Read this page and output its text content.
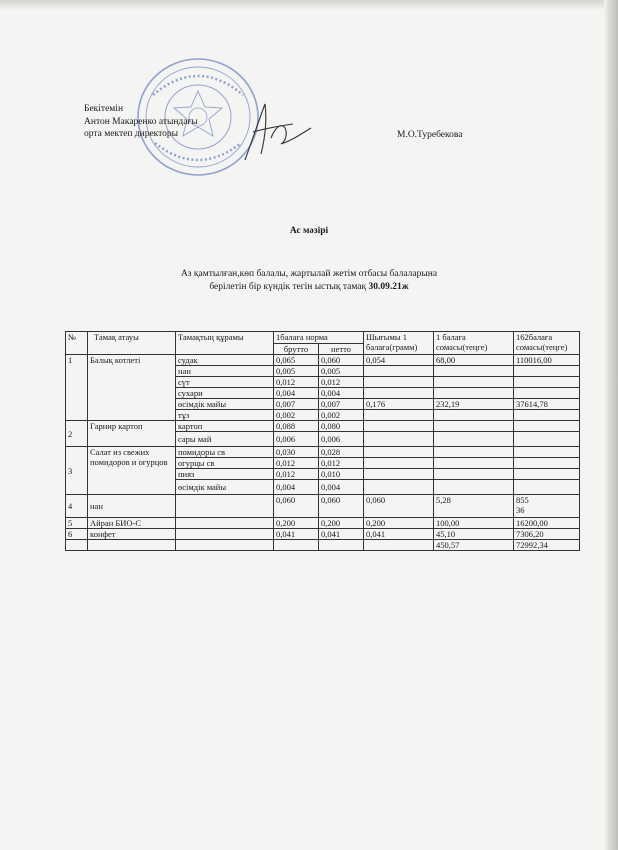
Бекітемін
Антон Макаренко атындағы
орта мектеп директоры	М.О.Туребекова
Ас мәзірі
Аз қамтылған,көп балалы, жартылай жетім отбасы балаларына
берілетін бір күндік тегін ыстық тамақ 30.09.21ж
№	Тамақ атауы	Тамақтың құрамы	1балаға норма		Шығымы 1 балаға(грамм)	1 балаға сомасы(теңге)	162балаға сомасы(теңге)
			брутто	нетто			
1	Балық котлеті	судак	0,065	0,060	0,054	68,00	110016,00
		нан	0,005	0,005			
		сүт	0,012	0,012			
		сухари	0,004	0,004			
		өсімдік майы	0,007	0,007	0,176	232,19	37614,78
		тұз	0,002	0,002			
2	Гарнир картоп	картоп	0,088	0,080			
		сары май	0,006	0,006			
3	Салат из свежих помидоров и огурцов	помидоры св	0,030	0,028			
		огурцы св	0,012	0,012			
		пияз	0,012	0,010			
		өсімдік майы	0,004	0,004			
4	нан		0,060	0,060	0,060	5,28	855
36

5	Айран БИО-С		0,200	0,200	0,200	100,00	16200,00
6	конфет		0,041	0,041	0,041	45,10	7306,20
						450,57	72992,34
